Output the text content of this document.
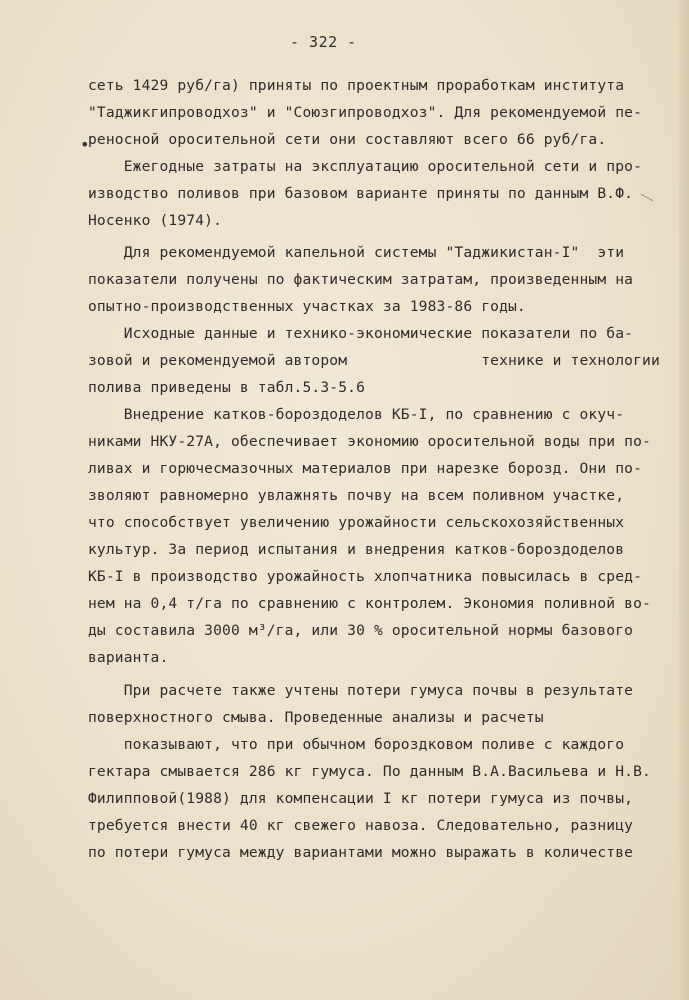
- 322 -
•
сеть 1429 руб/га) приняты по проектным проработкам института
"Таджикгипроводхоз" и "Союзгипроводхоз". Для рекомендуемой пе-
реносной оросительной сети они составляют всего 66 руб/га.
Ежегодные затраты на эксплуатацию оросительной сети и про-
изводство поливов при базовом варианте приняты по данным В.Ф.
Носенко (1974).
Для рекомендуемой капельной системы "Таджикистан-I"  эти
показатели получены по фактическим затратам, произведенным на
опытно-производственных участках за 1983-86 годы.
Исходные данные и технико-экономические показатели по ба-
зовой и рекомендуемой автором               технике и технологии
полива приведены в табл.5.3-5.6
Внедрение катков-бороздоделов КБ-I, по сравнению с окуч-
никами НКУ-27А, обеспечивает экономию оросительной воды при по-
ливах и горючесмазочных материалов при нарезке борозд. Они по-
зволяют равномерно увлажнять почву на всем поливном участке,
что способствует увеличению урожайности сельскохозяйственных
культур. За период испытания и внедрения катков-бороздоделов
КБ-I в производство урожайность хлопчатника повысилась в сред-
нем на 0,4 т/га по сравнению с контролем. Экономия поливной во-
ды составила 3000 м³/га, или 30 % оросительной нормы базового
варианта.
При расчете также учтены потери гумуса почвы в результате
поверхностного смыва. Проведенные анализы и расчеты
показывают, что при обычном бороздковом поливе с каждого
гектара смывается 286 кг гумуса. По данным В.А.Васильева и Н.В.
Филипповой(1988) для компенсации I кг потери гумуса из почвы,
требуется внести 40 кг свежего навоза. Следовательно, разницу
по потери гумуса между вариантами можно выражать в количестве
